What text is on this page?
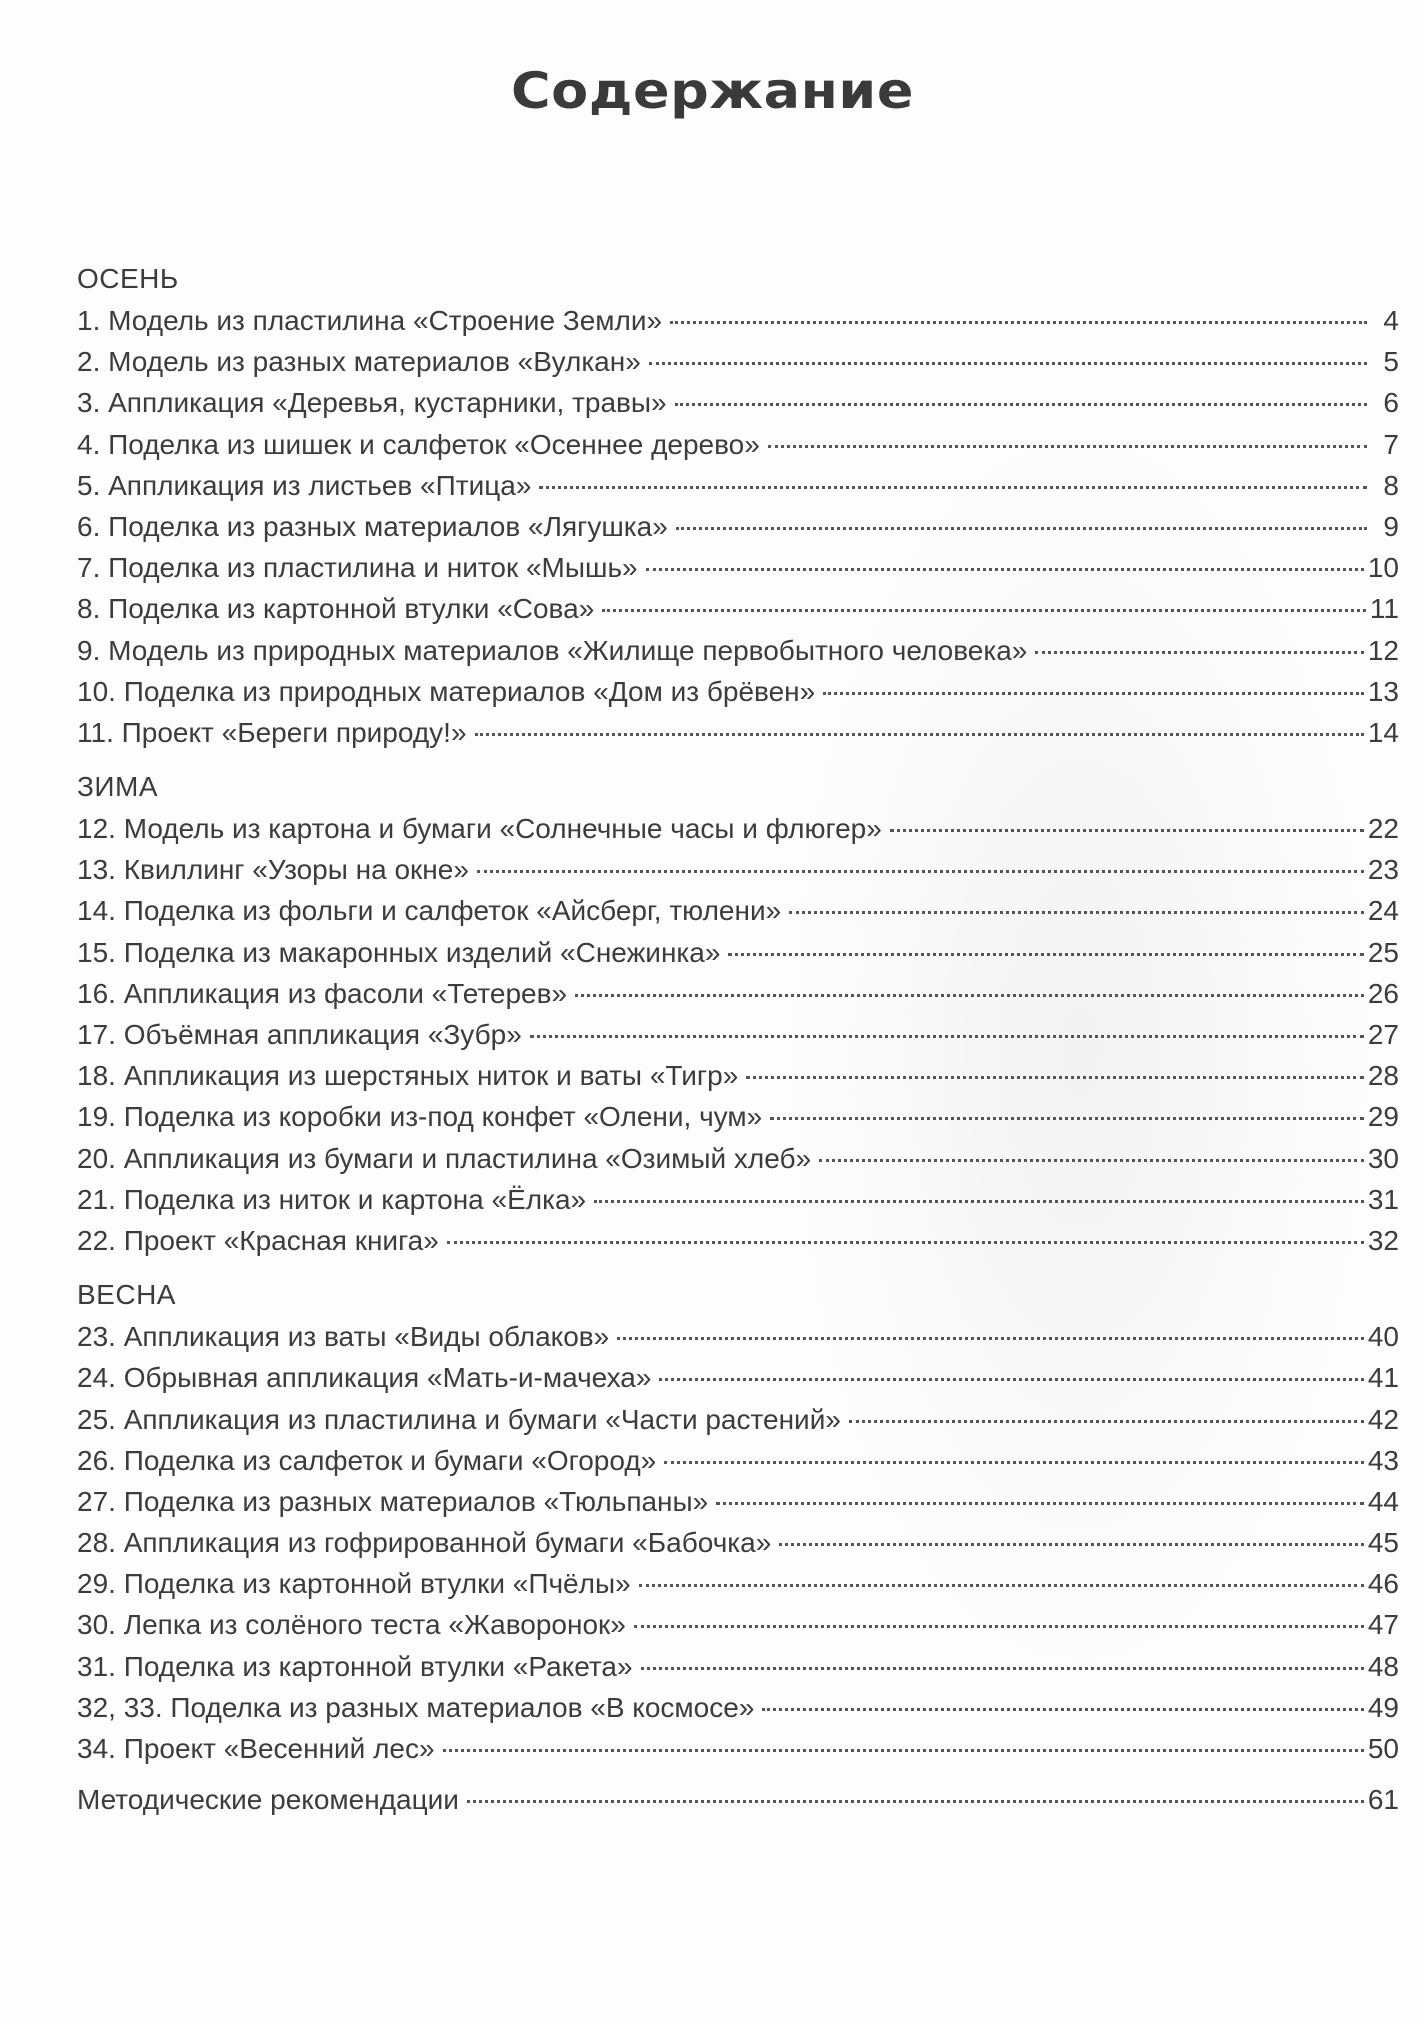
Содержание
ОСЕНЬ
1. Модель из пластилина «Строение Земли»	4
2. Модель из разных материалов «Вулкан»	5
3. Аппликация «Деревья, кустарники, травы»	6
4. Поделка из шишек и салфеток «Осеннее дерево»	7
5. Аппликация из листьев «Птица»	8
6. Поделка из разных материалов «Лягушка»	9
7. Поделка из пластилина и ниток «Мышь»	10
8. Поделка из картонной втулки «Сова»	11
9. Модель из природных материалов «Жилище первобытного человека»	12
10. Поделка из природных материалов «Дом из брёвен»	13
11. Проект «Береги природу!»	14
ЗИМА
12. Модель из картона и бумаги «Солнечные часы и флюгер»	22
13. Квиллинг «Узоры на окне»	23
14. Поделка из фольги и салфеток «Айсберг, тюлени»	24
15. Поделка из макаронных изделий «Снежинка»	25
16. Аппликация из фасоли «Тетерев»	26
17. Объёмная аппликация «Зубр»	27
18. Аппликация из шерстяных ниток и ваты «Тигр»	28
19. Поделка из коробки из-под конфет «Олени, чум»	29
20. Аппликация из бумаги и пластилина «Озимый хлеб»	30
21. Поделка из ниток и картона «Ёлка»	31
22. Проект «Красная книга»	32
ВЕСНА
23. Аппликация из ваты «Виды облаков»	40
24. Обрывная аппликация «Мать-и-мачеха»	41
25. Аппликация из пластилина и бумаги «Части растений»	42
26. Поделка из салфеток и бумаги «Огород»	43
27. Поделка из разных материалов «Тюльпаны»	44
28. Аппликация из гофрированной бумаги «Бабочка»	45
29. Поделка из картонной втулки «Пчёлы»	46
30. Лепка из солёного теста «Жаворонок»	47
31. Поделка из картонной втулки «Ракета»	48
32, 33. Поделка из разных материалов «В космосе»	49
34. Проект «Весенний лес»	50
Методические рекомендации	61
